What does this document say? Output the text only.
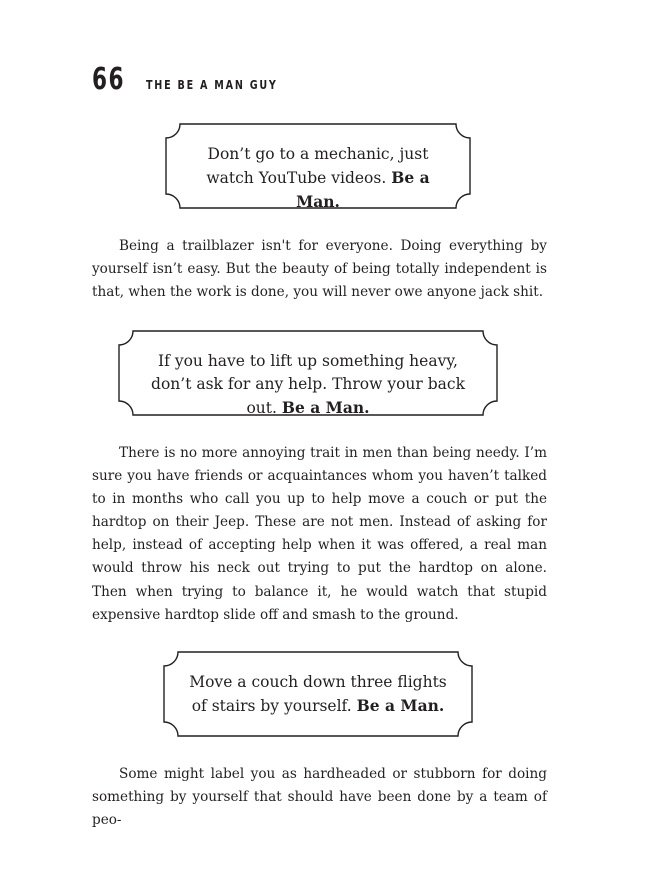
66 THE BE A MAN GUY
Don’t go to a mechanic, just watch YouTube videos. Be a Man.

Being a trailblazer isn't for everyone. Doing everything by yourself isn’t easy. But the beauty of being totally independent is that, when the work is done, you will never owe anyone jack shit.

If you have to lift up something heavy, don’t ask for any help. Throw your back out. Be a Man.

There is no more annoying trait in men than being needy. I’m sure you have friends or acquaintances whom you haven’t talked to in months who call you up to help move a couch or put the hardtop on their Jeep. These are not men. Instead of asking for help, instead of accepting help when it was offered, a real man would throw his neck out trying to put the hardtop on alone. Then when trying to balance it, he would watch that stupid expensive hardtop slide off and smash to the ground.

Move a couch down three flights of stairs by yourself. Be a Man.

Some might label you as hardheaded or stubborn for doing something by yourself that should have been done by a team of peo-
